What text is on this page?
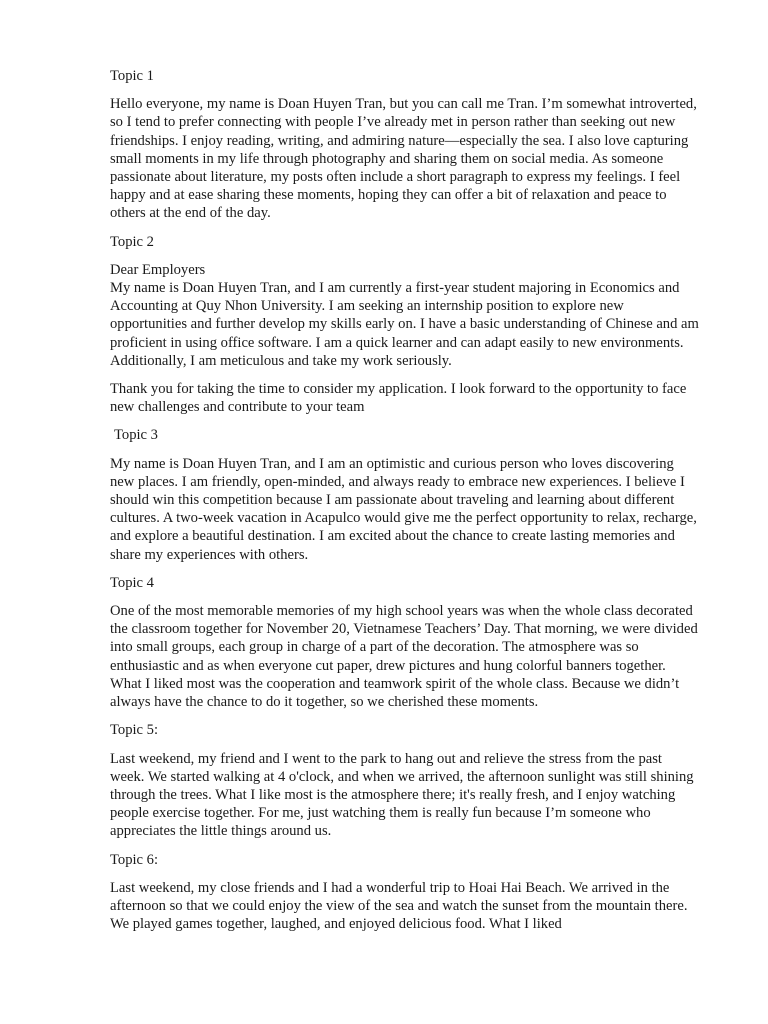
Topic 1

Hello everyone, my name is Doan Huyen Tran, but you can call me Tran. I’m somewhat introverted, so I tend to prefer connecting with people I’ve already met in person rather than seeking out new friendships. I enjoy reading, writing, and admiring nature—especially the sea. I also love capturing small moments in my life through photography and sharing them on social media. As someone passionate about literature, my posts often include a short paragraph to express my feelings. I feel happy and at ease sharing these moments, hoping they can offer a bit of relaxation and peace to others at the end of the day.

Topic 2

Dear Employers

My name is Doan Huyen Tran, and I am currently a first-year student majoring in Economics and Accounting at Quy Nhon University. I am seeking an internship position to explore new opportunities and further develop my skills early on. I have a basic understanding of Chinese and am proficient in using office software. I am a quick learner and can adapt easily to new environments. Additionally, I am meticulous and take my work seriously.

Thank you for taking the time to consider my application. I look forward to the opportunity to face new challenges and contribute to your team

Topic 3

My name is Doan Huyen Tran, and I am an optimistic and curious person who loves discovering new places. I am friendly, open-minded, and always ready to embrace new experiences. I believe I should win this competition because I am passionate about traveling and learning about different cultures. A two-week vacation in Acapulco would give me the perfect opportunity to relax, recharge, and explore a beautiful destination. I am excited about the chance to create lasting memories and share my experiences with others.

Topic 4

One of the most memorable memories of my high school years was when the whole class decorated the classroom together for November 20, Vietnamese Teachers’ Day. That morning, we were divided into small groups, each group in charge of a part of the decoration. The atmosphere was so enthusiastic and as when everyone cut paper, drew pictures and hung colorful banners together. What I liked most was the cooperation and teamwork spirit of the whole class. Because we didn’t always have the chance to do it together, so we cherished these moments.

Topic 5:

Last weekend, my friend and I went to the park to hang out and relieve the stress from the past week. We started walking at 4 o'clock, and when we arrived, the afternoon sunlight was still shining through the trees. What I like most is the atmosphere there; it's really fresh, and I enjoy watching people exercise together. For me, just watching them is really fun because I’m someone who appreciates the little things around us.

Topic 6:

Last weekend, my close friends and I had a wonderful trip to Hoai Hai Beach. We arrived in the afternoon so that we could enjoy the view of the sea and watch the sunset from the mountain there. We played games together, laughed, and enjoyed delicious food. What I liked
